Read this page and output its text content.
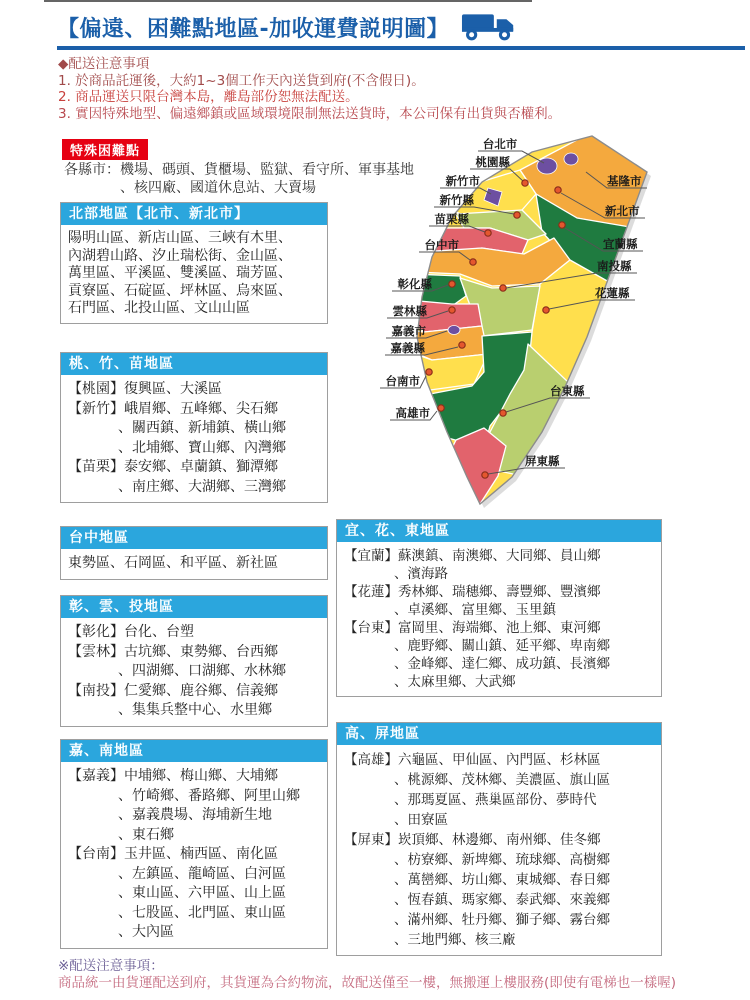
【偏遠、困難點地區-加收運費説明圖】
◆配送注意事項
1. 於商品託運後，大約1~3個工作天內送貨到府(不含假日)。
2. 商品運送只限台灣本島，離島部份恕無法配送。
3. 實因特殊地型、偏遠鄉鎮或區域環境限制無法送貨時，本公司保有出貨與否權利。
特殊困難點
各縣市：機場、碼頭、貨櫃場、監獄、看守所、軍事基地
、核四廠、國道休息站、大賣場
台北市
桃園縣
新竹市
新竹縣
苗栗縣
台中市
彰化縣
雲林縣
嘉義市
嘉義縣
台南市
高雄市
基隆市
新北市
宜蘭縣
南投縣
花蓮縣
台東縣
屏東縣
北部地區【北市、新北市】
陽明山區、新店山區、三峽有木里、
內湖碧山路、汐止瑞松街、金山區、
萬里區、平溪區、雙溪區、瑞芳區、
貢寮區、石碇區、坪林區、烏來區、
石門區、北投山區、文山山區
桃、竹、苗地區
【桃園】復興區、大溪區
【新竹】峨眉鄉、五峰鄉、尖石鄉
、關西鎮、新埔鎮、橫山鄉
、北埔鄉、寶山鄉、內灣鄉
【苗栗】泰安鄉、卓蘭鎮、獅潭鄉
、南庄鄉、大湖鄉、三灣鄉
台中地區
東勢區、石岡區、和平區、新社區
彰、雲、投地區
【彰化】台化、台塑
【雲林】古坑鄉、東勢鄉、台西鄉
、四湖鄉、口湖鄉、水林鄉
【南投】仁愛鄉、鹿谷鄉、信義鄉
、集集兵整中心、水里鄉
嘉、南地區
【嘉義】中埔鄉、梅山鄉、大埔鄉
、竹崎鄉、番路鄉、阿里山鄉
、嘉義農場、海埔新生地
、東石鄉
【台南】玉井區、楠西區、南化區
、左鎮區、龍崎區、白河區
、東山區、六甲區、山上區
、七股區、北門區、東山區
、大內區
宜、花、東地區
【宜蘭】蘇澳鎮、南澳鄉、大同鄉、員山鄉
、濱海路
【花蓮】秀林鄉、瑞穗鄉、壽豐鄉、豐濱鄉
、卓溪鄉、富里鄉、玉里鎮
【台東】富岡里、海端鄉、池上鄉、東河鄉
、鹿野鄉、關山鎮、延平鄉、卑南鄉
、金峰鄉、達仁鄉、成功鎮、長濱鄉
、太麻里鄉、大武鄉
高、屏地區
【高雄】六龜區、甲仙區、內門區、杉林區
、桃源鄉、茂林鄉、美濃區、旗山區
、那瑪夏區、燕巢區部份、夢時代
、田寮區
【屏東】崁頂鄉、林邊鄉、南州鄉、佳冬鄉
、枋寮鄉、新埤鄉、琉球鄉、高樹鄉
、萬巒鄉、坊山鄉、東城鄉、春日鄉
、恆春鎮、瑪家鄉、泰武鄉、來義鄉
、滿州鄉、牡丹鄉、獅子鄉、霧台鄉
、三地門鄉、核三廠
※配送注意事項：
商品統一由貨運配送到府，其貨運為合約物流，故配送僅至一樓，無搬運上樓服務(即使有電梯也一樣喔)
